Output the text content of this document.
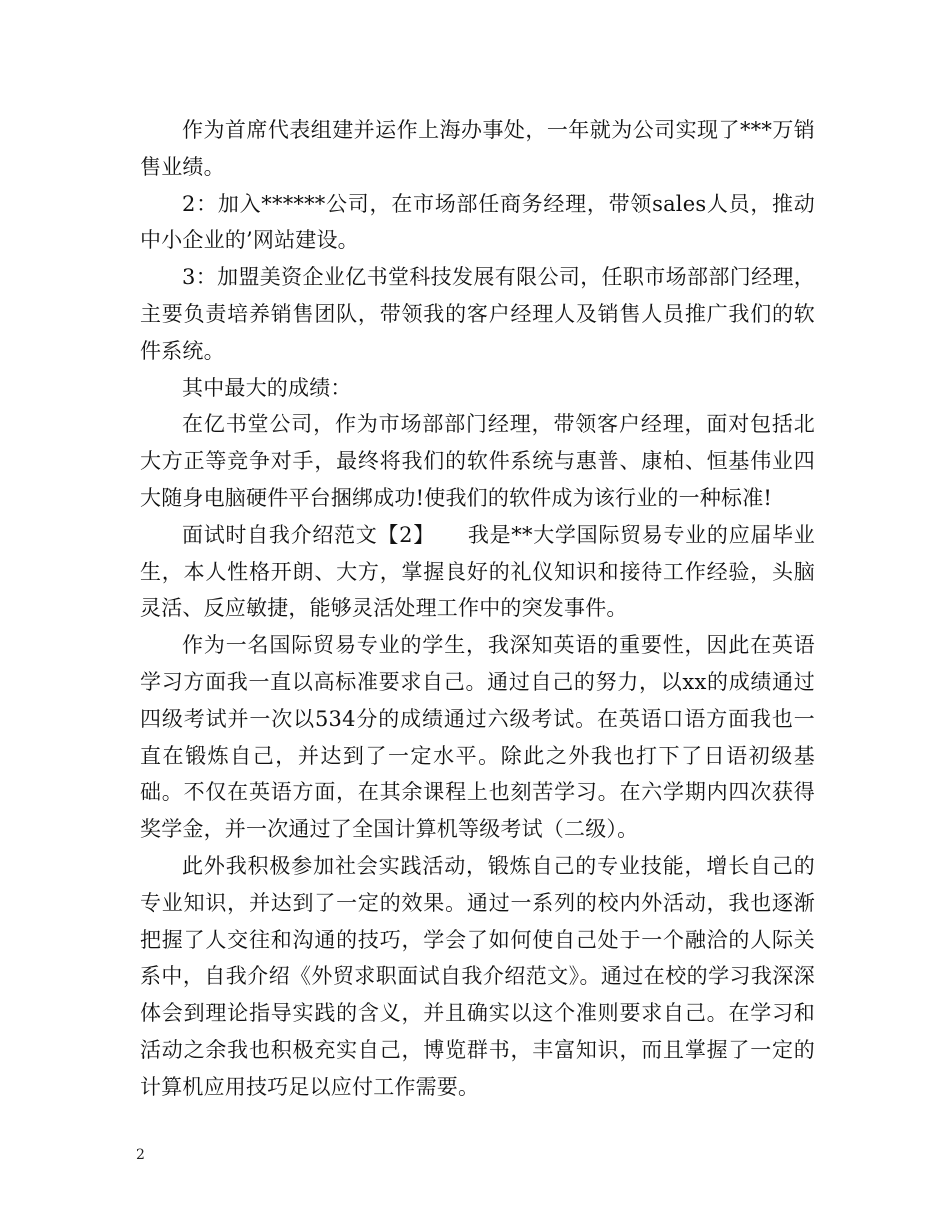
作为首席代表组建并运作上海办事处，一年就为公司实现了***万销售业绩。

2：加入******公司，在市场部任商务经理，带领sales人员，推动中小企业的’网站建设。

3：加盟美资企业亿书堂科技发展有限公司，任职市场部部门经理，主要负责培养销售团队，带领我的客户经理人及销售人员推广我们的软件系统。

其中最大的成绩：

在亿书堂公司，作为市场部部门经理，带领客户经理，面对包括北大方正等竞争对手，最终将我们的软件系统与惠普、康柏、恒基伟业四大随身电脑硬件平台捆绑成功!使我们的软件成为该行业的一种标准!

面试时自我介绍范文【2】　　我是**大学国际贸易专业的应届毕业生，本人性格开朗、大方，掌握良好的礼仪知识和接待工作经验，头脑灵活、反应敏捷，能够灵活处理工作中的突发事件。

作为一名国际贸易专业的学生，我深知英语的重要性，因此在英语学习方面我一直以高标准要求自己。通过自己的努力，以xx的成绩通过四级考试并一次以534分的成绩通过六级考试。在英语口语方面我也一直在锻炼自己，并达到了一定水平。除此之外我也打下了日语初级基础。不仅在英语方面，在其余课程上也刻苦学习。在六学期内四次获得奖学金，并一次通过了全国计算机等级考试（二级）。

此外我积极参加社会实践活动，锻炼自己的专业技能，增长自己的专业知识，并达到了一定的效果。通过一系列的校内外活动，我也逐渐把握了人交往和沟通的技巧，学会了如何使自己处于一个融洽的人际关系中，自我介绍《外贸求职面试自我介绍范文》。通过在校的学习我深深体会到理论指导实践的含义，并且确实以这个准则要求自己。在学习和活动之余我也积极充实自己，博览群书，丰富知识，而且掌握了一定的计算机应用技巧足以应付工作需要。

2
